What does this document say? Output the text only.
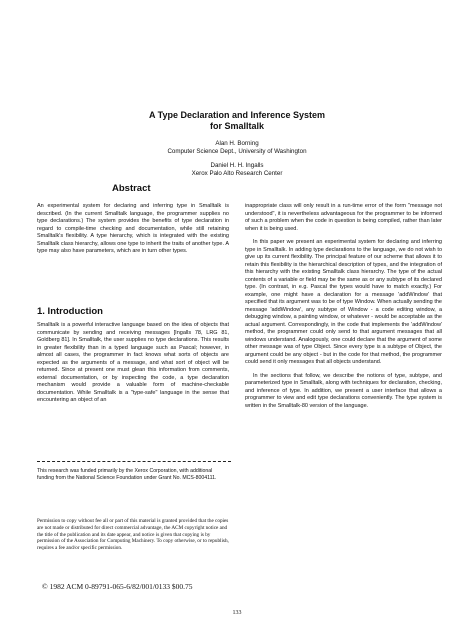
A Type Declaration and Inference System
for Smalltalk
Alan H. Borning
Computer Science Dept., University of Washington
Daniel H. H. Ingalls
Xerox Palo Alto Research Center
Abstract
An experimental system for declaring and inferring type in Smalltalk is described. (In the current Smalltalk language, the programmer supplies no type declarations.) The system provides the benefits of type declaration in regard to compile-time checking and documentation, while still retaining Smalltalk's flexibility. A type hierarchy, which is integrated with the existing Smalltalk class hierarchy, allows one type to inherit the traits of another type. A type may also have parameters, which are in turn other types.
1. Introduction
Smalltalk is a powerful interactive language based on the idea of objects that communicate by sending and receiving messages [Ingalls 78, LRG 81, Goldberg 81]. In Smalltalk, the user supplies no type declarations. This results in greater flexibility than in a typed language such as Pascal; however, in almost all cases, the programmer in fact knows what sorts of objects are expected as the arguments of a message, and what sort of object will be returned. Since at present one must glean this information from comments, external documentation, or by inspecting the code, a type declaration mechanism would provide a valuable form of machine-checkable documentation. While Smalltalk is a "type-safe" language in the sense that encountering an object of an
This research was funded primarily by the Xerox Corporation, with additional funding from the National Science Foundation under Grant No. MCS-8004111.
Permission to copy without fee all or part of this material is granted provided that the copies are not made or distributed for direct commercial advantage, the ACM copyright notice and the title of the publication and its date appear, and notice is given that copying is by permission of the Association for Computing Machinery. To copy otherwise, or to republish, requires a fee and/or specific permission.
© 1982 ACM 0-89791-065-6/82/001/0133 $00.75

inappropriate class will only result in a run-time error of the form "message not understood", it is nevertheless advantageous for the programmer to be informed of such a problem when the code in question is being compiled, rather than later when it is being used.

In this paper we present an experimental system for declaring and inferring type in Smalltalk. In adding type declarations to the language, we do not wish to give up its current flexibility. The principal feature of our scheme that allows it to retain this flexibility is the hierarchical description of types, and the integration of this hierarchy with the existing Smalltalk class hierarchy. The type of the actual contents of a variable or field may be the same as or any subtype of its declared type. (In contrast, in e.g. Pascal the types would have to match exactly.) For example, one might have a declaration for a message 'addWindow' that specified that its argument was to be of type Window. When actually sending the message 'addWindow', any subtype of Window - a code editing window, a debugging window, a painting window, or whatever - would be acceptable as the actual argument. Correspondingly, in the code that implements the 'addWindow' method, the programmer could only send to that argument messages that all windows understand. Analogously, one could declare that the argument of some other message was of type Object. Since every type is a subtype of Object, the argument could be any object - but in the code for that method, the programmer could send it only messages that all objects understand.

In the sections that follow, we describe the notions of type, subtype, and parameterized type in Smalltalk, along with techniques for declaration, checking, and inference of type. In addition, we present a user interface that allows a programmer to view and edit type declarations conveniently. The type system is written in the Smalltalk-80 version of the language.

133
